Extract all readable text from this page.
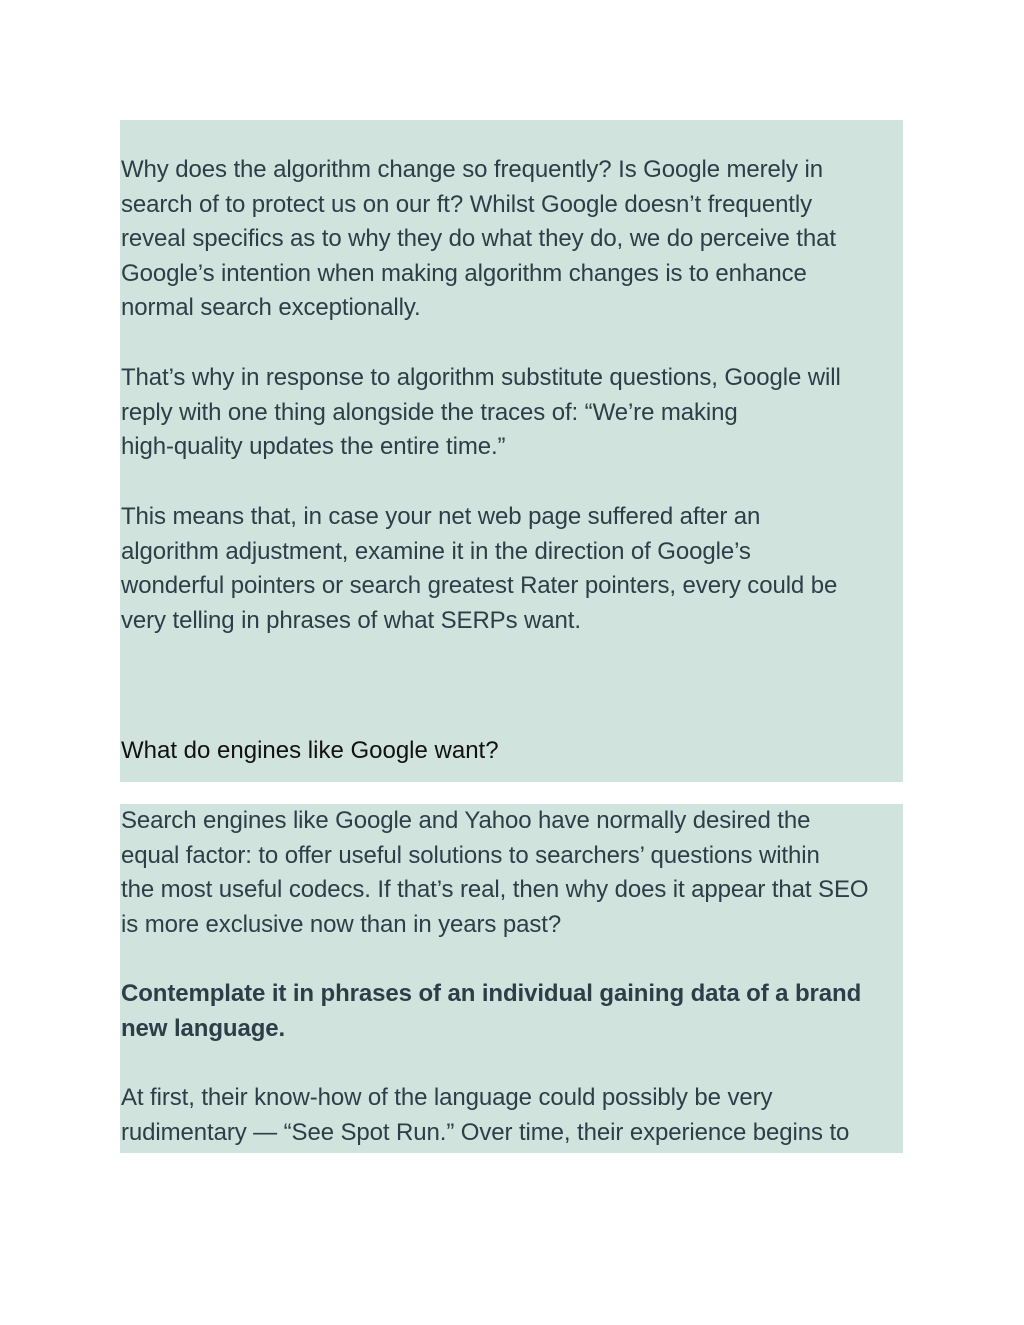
Why does the algorithm change so frequently? Is Google merely in
search of to protect us on our ft? Whilst Google doesn’t frequently
reveal specifics as to why they do what they do, we do perceive that
Google’s intention when making algorithm changes is to enhance
normal search exceptionally.

That’s why in response to algorithm substitute questions, Google will
reply with one thing alongside the traces of: “We’re making
high-quality updates the entire time.”

This means that, in case your net web page suffered after an
algorithm adjustment, examine it in the direction of Google’s
wonderful pointers or search greatest Rater pointers, every could be
very telling in phrases of what SERPs want.

What do engines like Google want?

Search engines like Google and Yahoo have normally desired the
equal factor: to offer useful solutions to searchers’ questions within
the most useful codecs. If that’s real, then why does it appear that SEO
is more exclusive now than in years past?

Contemplate it in phrases of an individual gaining data of a brand
new language.

At first, their know-how of the language could possibly be very
rudimentary — “See Spot Run.” Over time, their experience begins to
